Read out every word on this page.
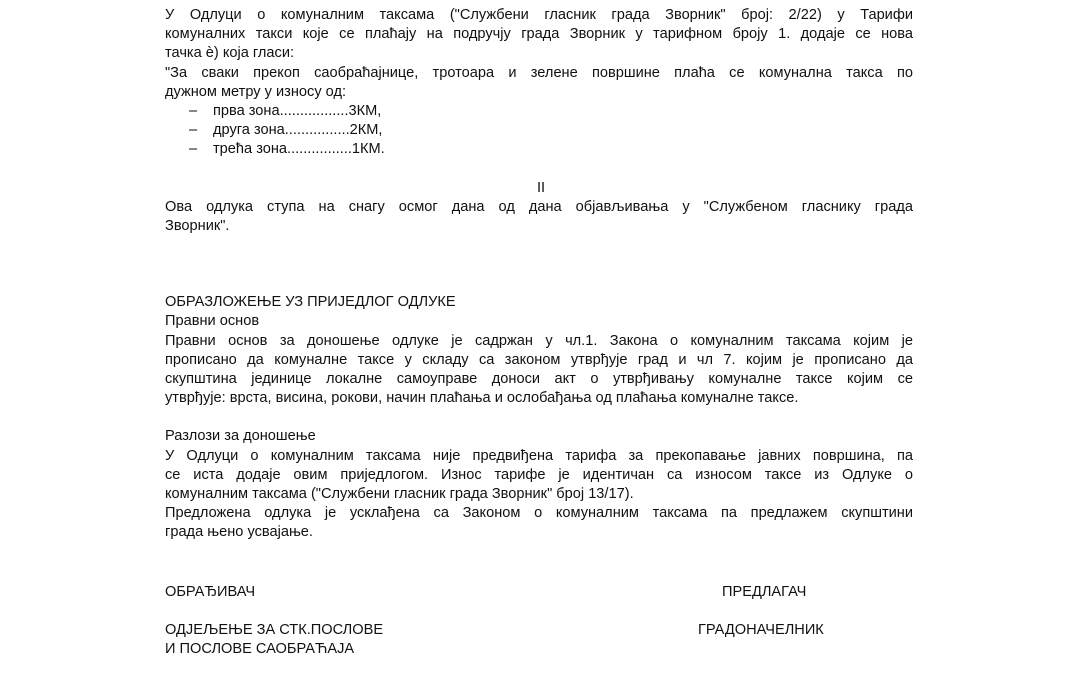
У Одлуци о комуналним таксама ("Службени гласник града Зворник" број: 2/22) у Тарифи

комуналних такси које се плаћају на подручју града Зворник у тарифном броју 1. додаје се нова

тачка ѐ) која гласи:

"За сваки прекоп саобраћајнице, тротоара и зелене површине плаћа се комунална такса по

дужном метру у износу од:

– прва зона.................3КМ,
– друга зона................2КМ,
– трећа зона................1КМ.

II

Ова одлука ступа на снагу осмог дана од дана објављивања у "Службеном гласнику града

Зворник".

ОБРАЗЛОЖЕЊЕ УЗ ПРИЈЕДЛОГ ОДЛУКЕ

Правни основ

Правни основ за доношење одлуке је садржан у чл.1. Закона о комуналним таксама којим је

прописано да комуналне таксе у складу са законом утврђује град и чл 7. којим је прописано да

скупштина јединице локалне самоуправе доноси акт о утврђивању комуналне таксе којим се

утврђује: врста, висина, рокови, начин плаћања и ослобађања од плаћања комуналне таксе.

Разлози за доношење

У Одлуци о комуналним таксама није предвиђена тарифа за прекопавање јавних површина, па

се иста додаје овим приједлогом. Износ тарифе је идентичан са износом таксе из Одлуке о

комуналним таксама ("Службени гласник града Зворник" број 13/17).

Предложена одлука је усклађена са Законом о комуналним таксама па предлажем скупштини

града њено усвајање.

ОБРАЂИВАЧ
ОДЈЕЉЕЊЕ ЗА СТК.ПОСЛОВЕ
И ПОСЛОВЕ САОБРАЋАЈА
ПРЕДЛАГАЧ
ГРАДОНАЧЕЛНИК
